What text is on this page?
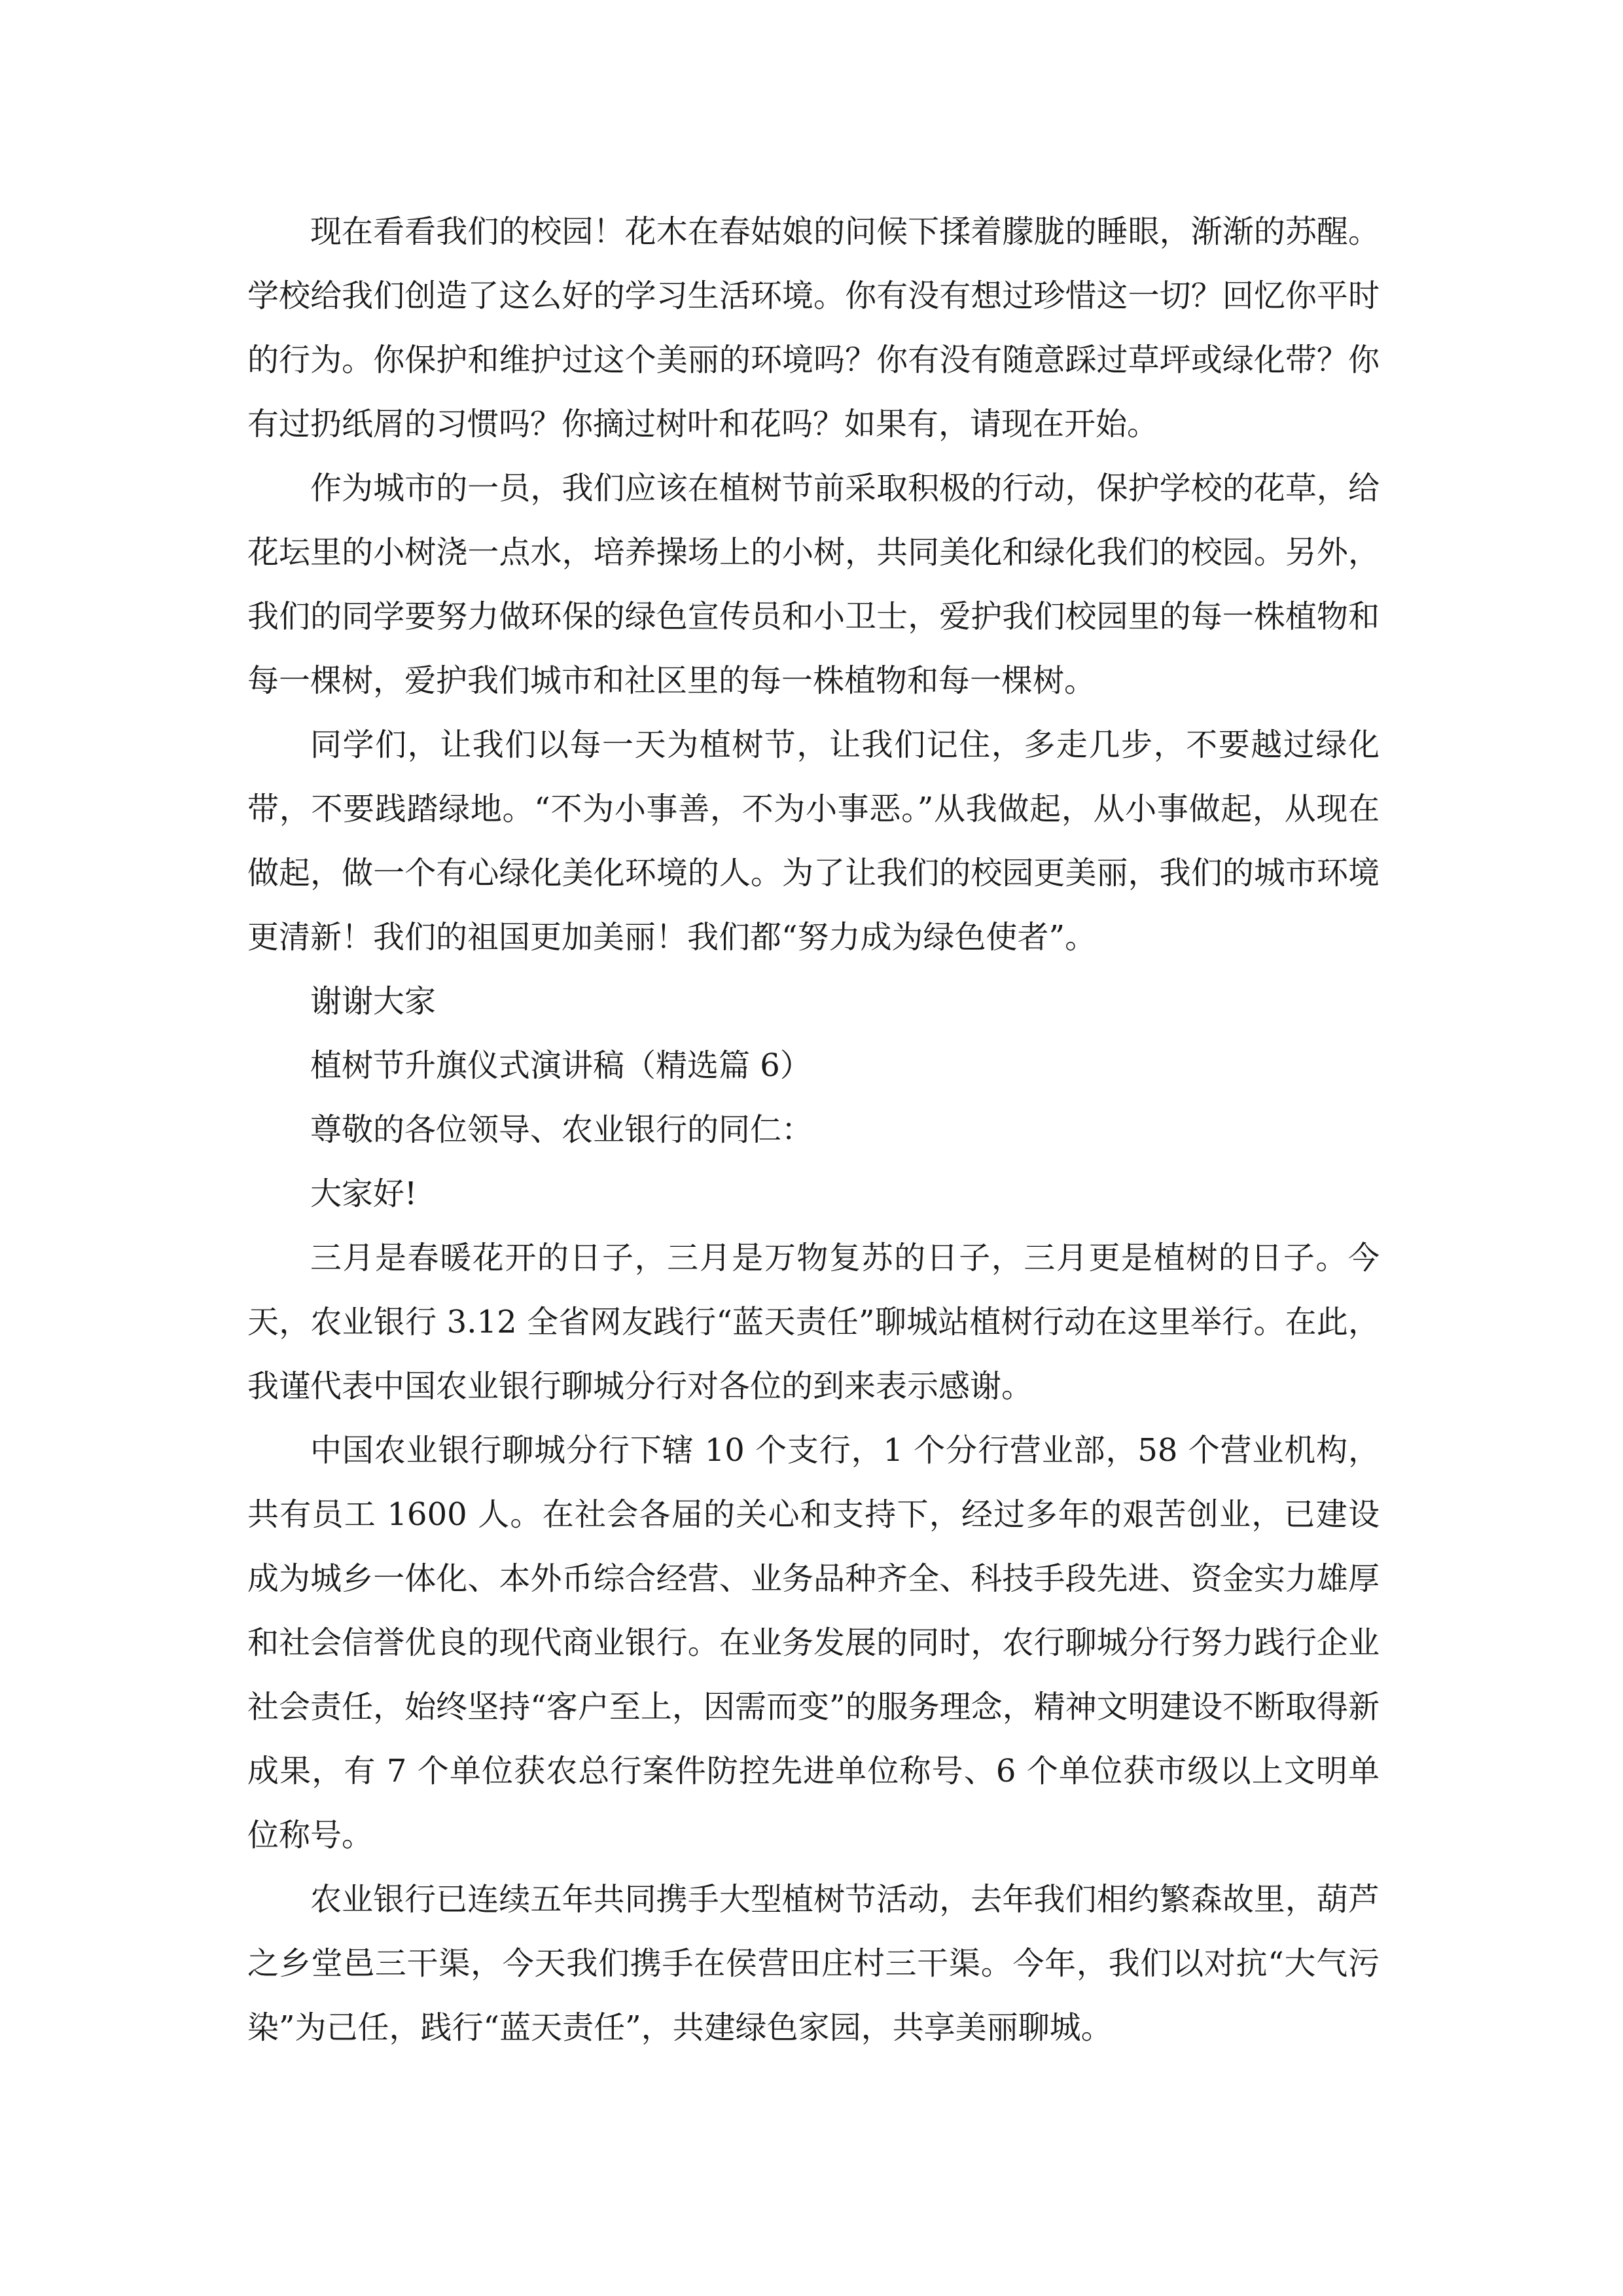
现在看看我们的校园！花木在春姑娘的问候下揉着朦胧的睡眼，渐渐的苏醒。学校给我们创造了这么好的学习生活环境。你有没有想过珍惜这一切？回忆你平时的行为。你保护和维护过这个美丽的环境吗？你有没有随意踩过草坪或绿化带？你有过扔纸屑的习惯吗？你摘过树叶和花吗？如果有，请现在开始。

作为城市的一员，我们应该在植树节前采取积极的行动，保护学校的花草，给花坛里的小树浇一点水，培养操场上的小树，共同美化和绿化我们的校园。另外，我们的同学要努力做环保的绿色宣传员和小卫士，爱护我们校园里的每一株植物和每一棵树，爱护我们城市和社区里的每一株植物和每一棵树。

同学们，让我们以每一天为植树节，让我们记住，多走几步，不要越过绿化带，不要践踏绿地。“不为小事善，不为小事恶。”从我做起，从小事做起，从现在做起，做一个有心绿化美化环境的人。为了让我们的校园更美丽，我们的城市环境更清新！我们的祖国更加美丽！我们都“努力成为绿色使者”。

谢谢大家

植树节升旗仪式演讲稿（精选篇 6）

尊敬的各位领导、农业银行的同仁：

大家好!

三月是春暖花开的日子，三月是万物复苏的日子，三月更是植树的日子。今天，农业银行 3.12 全省网友践行“蓝天责任”聊城站植树行动在这里举行。在此，我谨代表中国农业银行聊城分行对各位的到来表示感谢。

中国农业银行聊城分行下辖 10 个支行，1 个分行营业部，58 个营业机构，共有员工 1600 人。在社会各届的关心和支持下，经过多年的艰苦创业，已建设成为城乡一体化、本外币综合经营、业务品种齐全、科技手段先进、资金实力雄厚和社会信誉优良的现代商业银行。在业务发展的同时，农行聊城分行努力践行企业社会责任，始终坚持“客户至上，因需而变”的服务理念，精神文明建设不断取得新成果，有 7 个单位获农总行案件防控先进单位称号、6 个单位获市级以上文明单位称号。

农业银行已连续五年共同携手大型植树节活动，去年我们相约繁森故里，葫芦之乡堂邑三干渠，今天我们携手在侯营田庄村三干渠。今年，我们以对抗“大气污染”为己任，践行“蓝天责任”，共建绿色家园，共享美丽聊城。
